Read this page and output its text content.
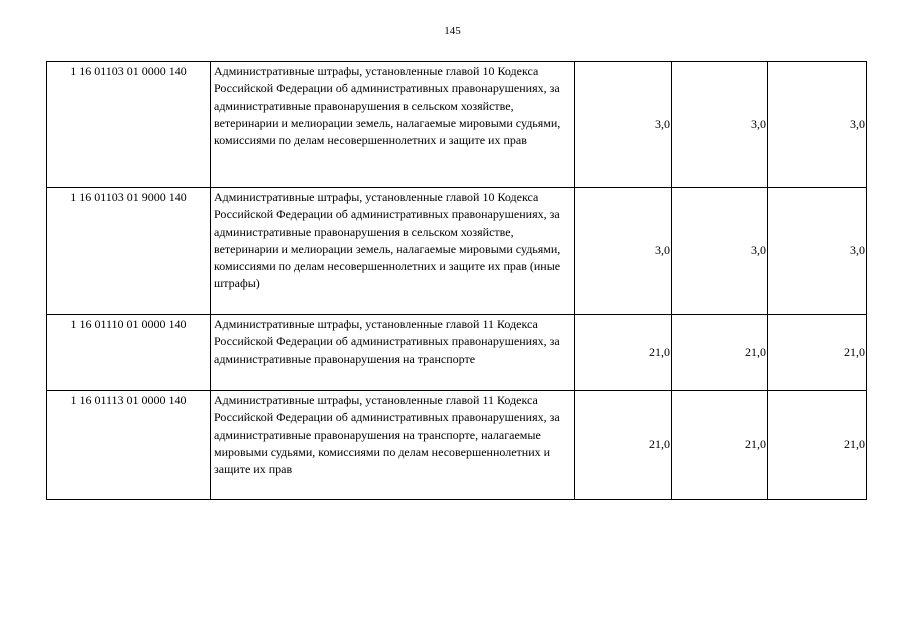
145
1 16 01103 01 0000 140	Административные штрафы, установленные главой 10 Кодекса Российской Федерации об административных правонарушениях, за административные правонарушения в сельском хозяйстве, ветеринарии и мелиорации земель, налагаемые мировыми судьями, комиссиями по делам несовершеннолетних и защите их прав	3,0	3,0	3,0
1 16 01103 01 9000 140	Административные штрафы, установленные главой 10 Кодекса Российской Федерации об административных правонарушениях, за административные правонарушения в сельском хозяйстве, ветеринарии и мелиорации земель, налагаемые мировыми судьями, комиссиями по делам несовершеннолетних и защите их прав (иные штрафы)	3,0	3,0	3,0
1 16 01110 01 0000 140	Административные штрафы, установленные главой 11 Кодекса Российской Федерации об административных правонарушениях, за административные правонарушения на транспорте	21,0	21,0	21,0
1 16 01113 01 0000 140	Административные штрафы, установленные главой 11 Кодекса Российской Федерации об административных правонарушениях, за административные правонарушения на транспорте, налагаемые мировыми судьями, комиссиями по делам несовершеннолетних и защите их прав	21,0	21,0	21,0
